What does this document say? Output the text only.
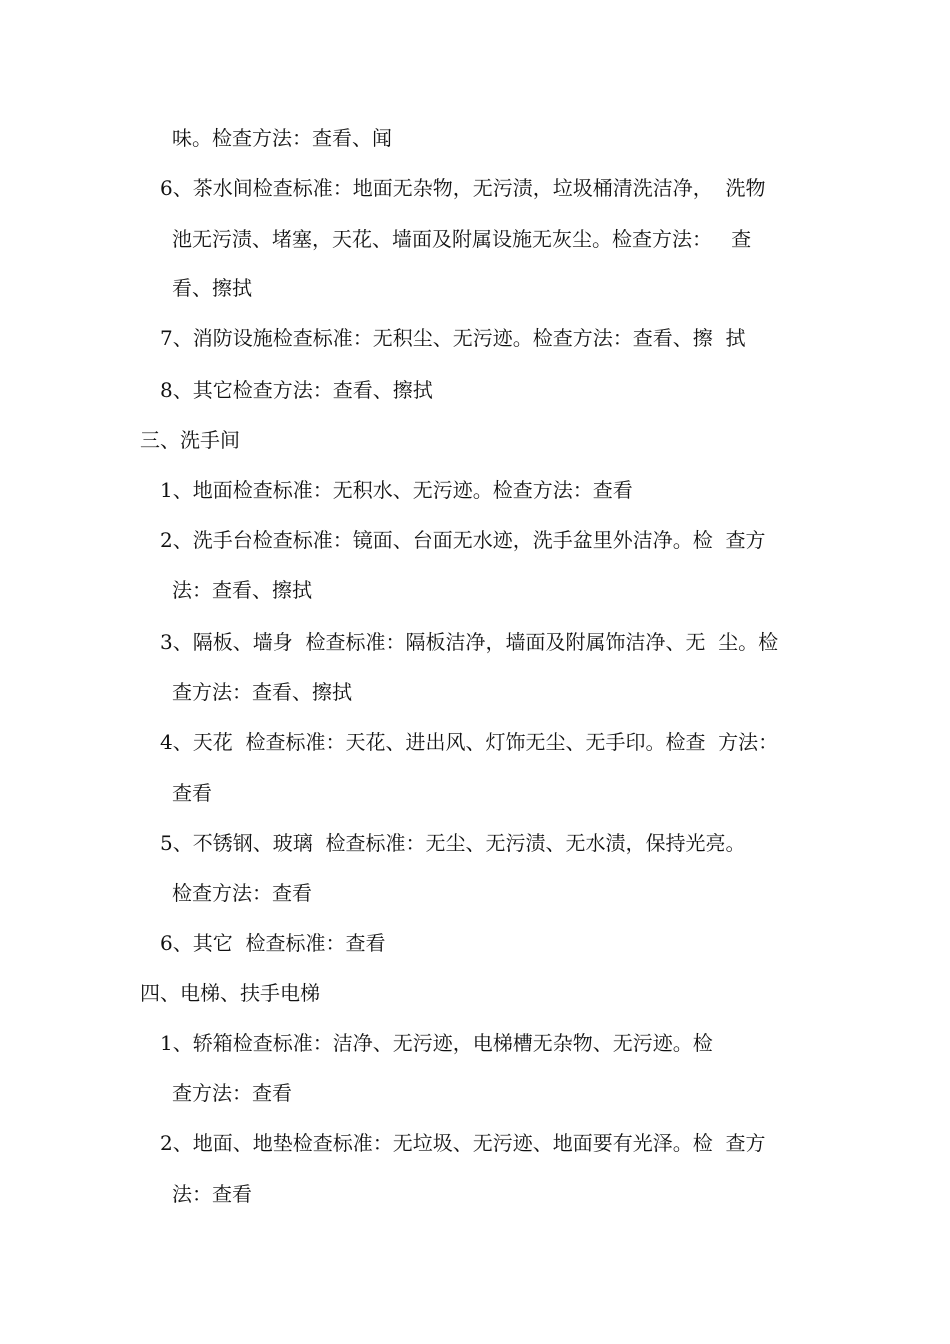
味。检查方法：查看、闻
6、茶水间检查标准：地面无杂物，无污渍，垃圾桶清洗洁净，  洗物
池无污渍、堵塞，天花、墙面及附属设施无灰尘。检查方法：   查
看、擦拭
7、消防设施检查标准：无积尘、无污迹。检查方法：查看、擦  拭
8、其它检查方法：查看、擦拭
三、洗手间
1、地面检查标准：无积水、无污迹。检查方法：查看
2、洗手台检查标准：镜面、台面无水迹，洗手盆里外洁净。检  查方
法：查看、擦拭
3、隔板、墙身  检查标准：隔板洁净，墙面及附属饰洁净、无  尘。检
查方法：查看、擦拭
4、天花  检查标准：天花、进出风、灯饰无尘、无手印。检查  方法：
查看
5、不锈钢、玻璃  检查标准：无尘、无污渍、无水渍，保持光亮。
检查方法：查看
6、其它  检查标准：查看
四、电梯、扶手电梯
1、轿箱检查标准：洁净、无污迹，电梯槽无杂物、无污迹。检
查方法：查看
2、地面、地垫检查标准：无垃圾、无污迹、地面要有光泽。检  查方
法：查看
